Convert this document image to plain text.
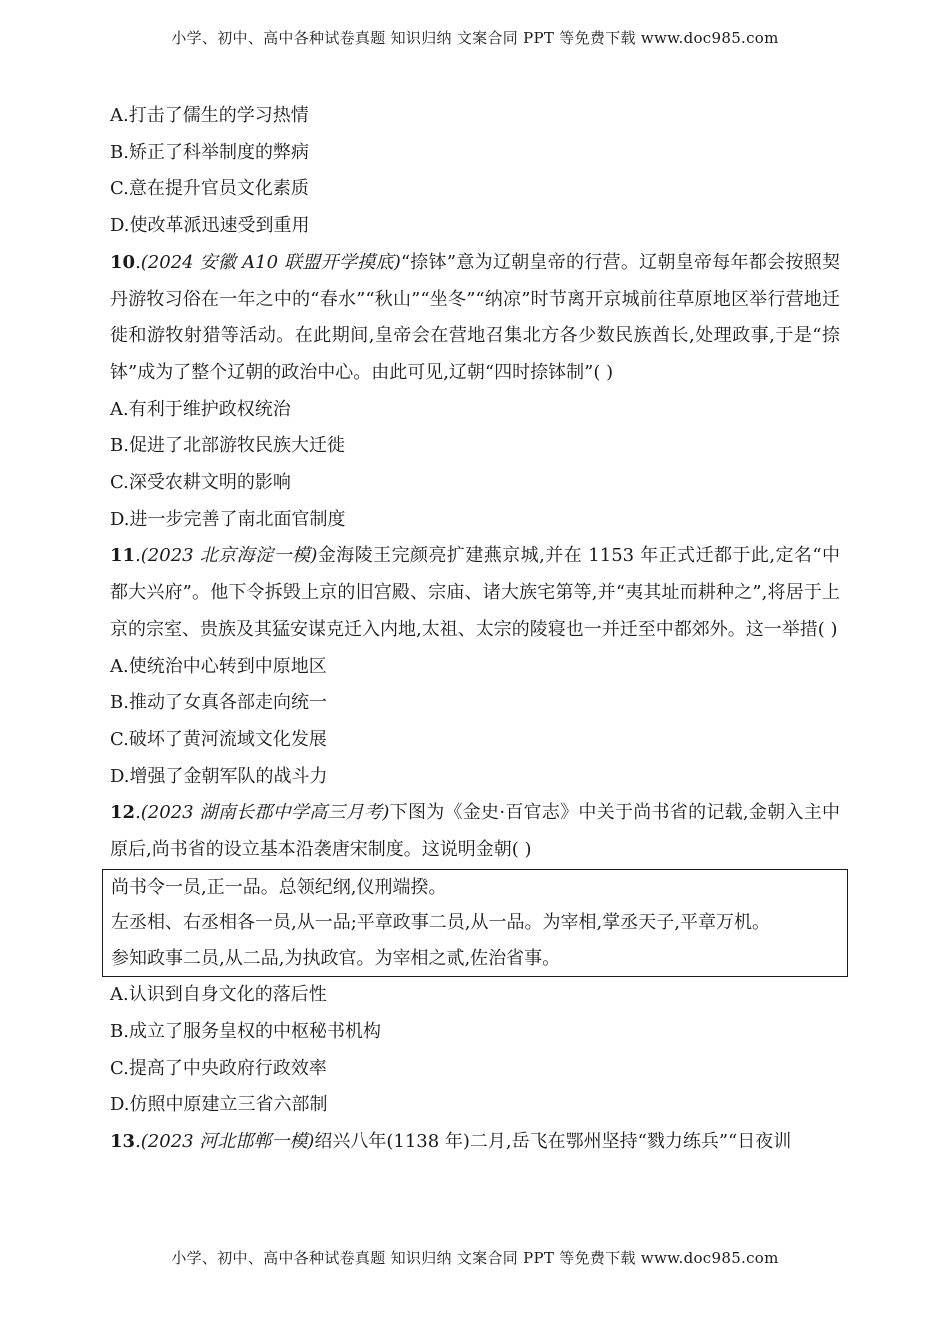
小学、初中、高中各种试卷真题 知识归纳 文案合同 PPT 等免费下载 www.doc985.com
A.打击了儒生的学习热情
B.矫正了科举制度的弊病
C.意在提升官员文化素质
D.使改革派迅速受到重用
10.(2024 安徽 A10 联盟开学摸底)“捺钵”意为辽朝皇帝的行营。辽朝皇帝每年都会按照契丹游牧习俗在一年之中的“春水”“秋山”“坐冬”“纳凉”时节离开京城前往草原地区举行营地迁徙和游牧射猎等活动。在此期间,皇帝会在营地召集北方各少数民族酋长,处理政事,于是“捺钵”成为了整个辽朝的政治中心。由此可见,辽朝“四时捺钵制”( )
A.有利于维护政权统治
B.促进了北部游牧民族大迁徙
C.深受农耕文明的影响
D.进一步完善了南北面官制度
11.(2023 北京海淀一模)金海陵王完颜亮扩建燕京城,并在 1153 年正式迁都于此,定名“中都大兴府”。他下令拆毁上京的旧宫殿、宗庙、诸大族宅第等,并“夷其址而耕种之”,将居于上京的宗室、贵族及其猛安谋克迁入内地,太祖、太宗的陵寝也一并迁至中都郊外。这一举措( )
A.使统治中心转到中原地区
B.推动了女真各部走向统一
C.破坏了黄河流域文化发展
D.增强了金朝军队的战斗力
12.(2023 湖南长郡中学高三月考)下图为《金史·百官志》中关于尚书省的记载,金朝入主中原后,尚书省的设立基本沿袭唐宋制度。这说明金朝( )
尚书令一员,正一品。总领纪纲,仪刑端揆。
左丞相、右丞相各一员,从一品;平章政事二员,从一品。为宰相,掌丞天子,平章万机。
参知政事二员,从二品,为执政官。为宰相之贰,佐治省事。
A.认识到自身文化的落后性
B.成立了服务皇权的中枢秘书机构
C.提高了中央政府行政效率
D.仿照中原建立三省六部制
13.(2023 河北邯郸一模)绍兴八年(1138 年)二月,岳飞在鄂州坚持“戮力练兵”“日夜训
小学、初中、高中各种试卷真题 知识归纳 文案合同 PPT 等免费下载 www.doc985.com
